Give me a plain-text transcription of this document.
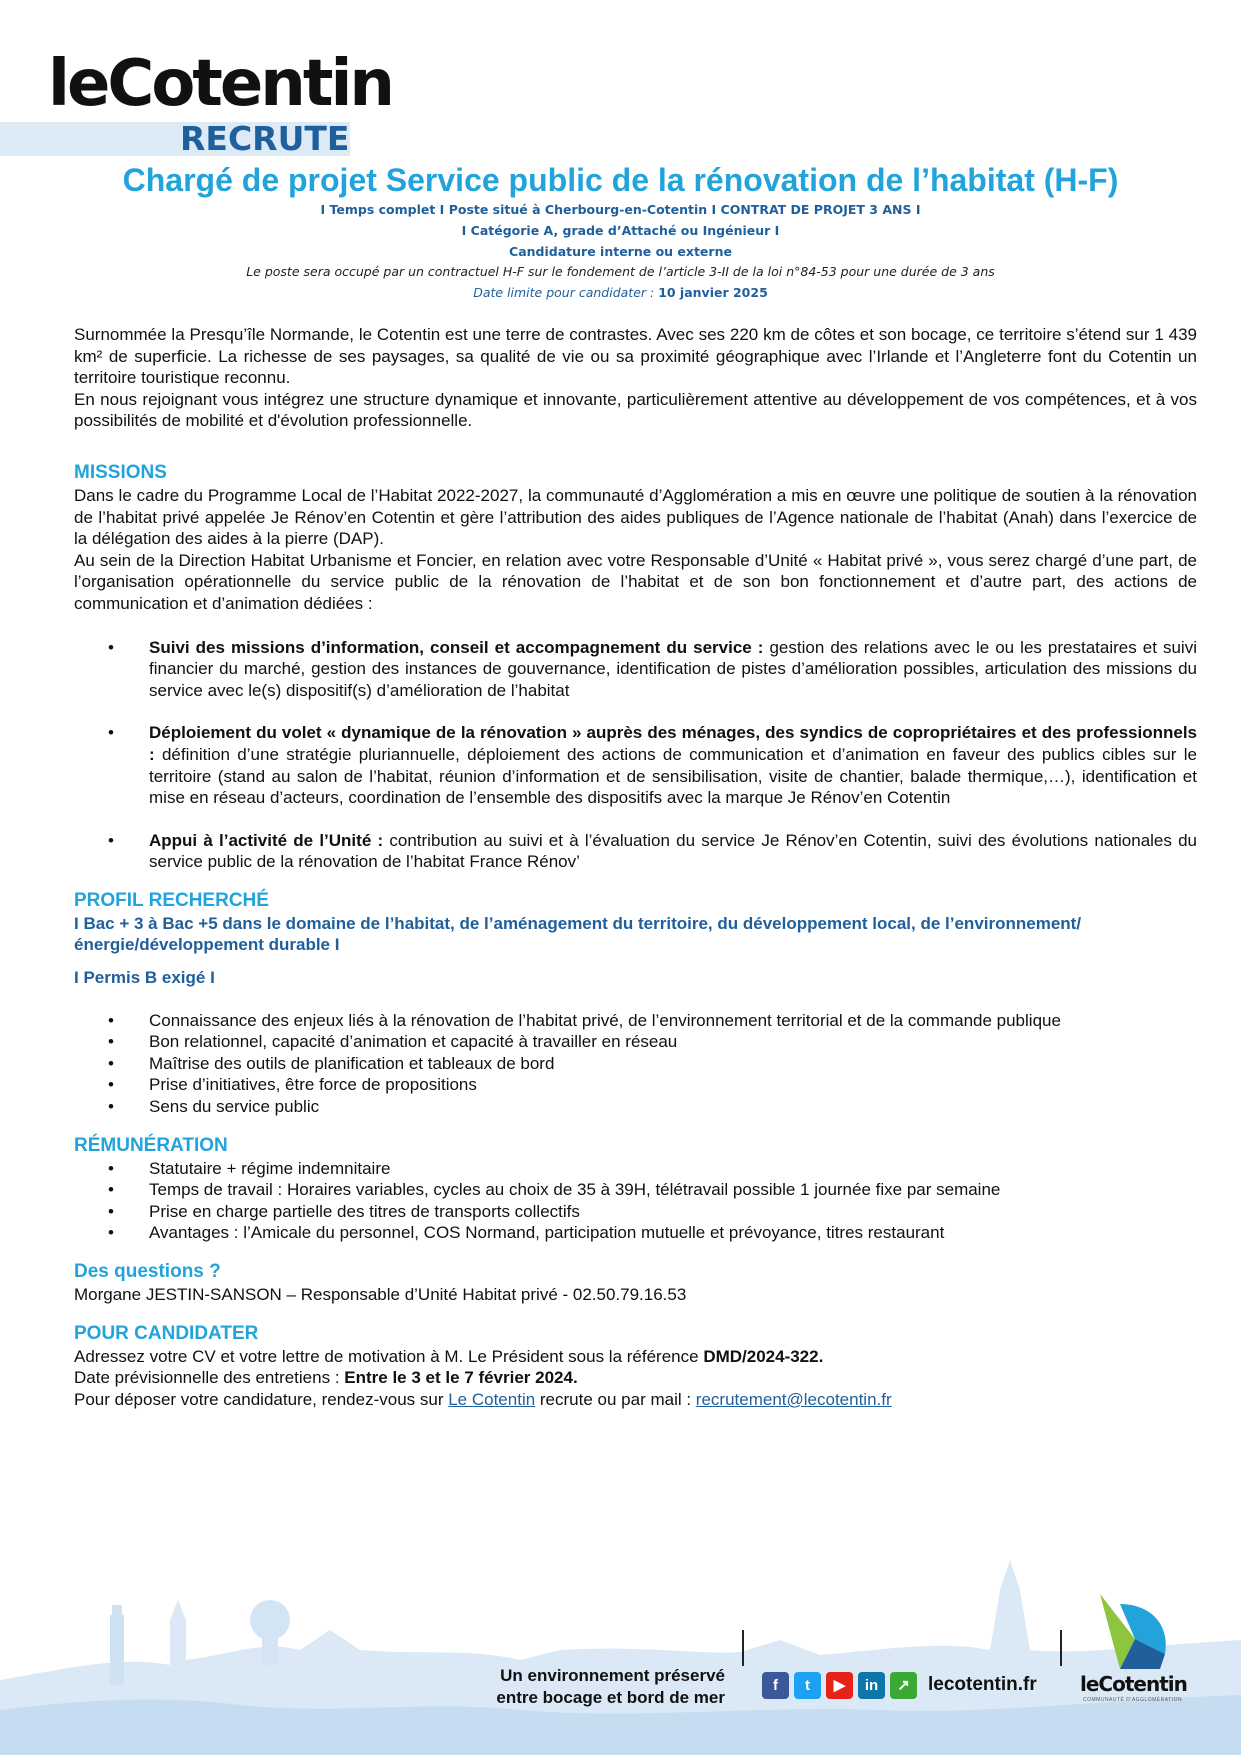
leCotentin
RECRUTE
Chargé de projet Service public de la rénovation de l’habitat (H-F)
I Temps complet I Poste situé à Cherbourg-en-Cotentin I CONTRAT DE PROJET 3 ANS I
I Catégorie A, grade d’Attaché ou Ingénieur I
Candidature interne ou externe
Le poste sera occupé par un contractuel H-F sur le fondement de l’article 3-II de la loi n°84-53 pour une durée de 3 ans
Date limite pour candidater : 10 janvier 2025

Surnommée la Presqu’île Normande, le Cotentin est une terre de contrastes. Avec ses 220 km de côtes et son bocage, ce territoire s’étend sur 1 439 km² de superficie. La richesse de ses paysages, sa qualité de vie ou sa proximité géographique avec l’Irlande et l’Angleterre font du Cotentin un territoire touristique reconnu.

En nous rejoignant vous intégrez une structure dynamique et innovante, particulièrement attentive au développement de vos compétences, et à vos possibilités de mobilité et d'évolution professionnelle.

MISSIONS

Dans le cadre du Programme Local de l’Habitat 2022-2027, la communauté d’Agglomération a mis en œuvre une politique de soutien à la rénovation de l’habitat privé appelée Je Rénov’en Cotentin et gère l’attribution des aides publiques de l’Agence nationale de l’habitat (Anah) dans l’exercice de la délégation des aides à la pierre (DAP).

Au sein de la Direction Habitat Urbanisme et Foncier, en relation avec votre Responsable d’Unité « Habitat privé », vous serez chargé d’une part, de l’organisation opérationnelle du service public de la rénovation de l’habitat et de son bon fonctionnement et d’autre part, des actions de communication et d’animation dédiées :

• Suivi des missions d’information, conseil et accompagnement du service : gestion des relations avec le ou les prestataires et suivi financier du marché, gestion des instances de gouvernance, identification de pistes d’amélioration possibles, articulation des missions du service avec le(s) dispositif(s) d’amélioration de l’habitat
• Déploiement du volet « dynamique de la rénovation » auprès des ménages, des syndics de copropriétaires et des professionnels : définition d’une stratégie pluriannuelle, déploiement des actions de communication et d’animation en faveur des publics cibles sur le territoire (stand au salon de l’habitat, réunion d’information et de sensibilisation, visite de chantier, balade thermique,…), identification et mise en réseau d’acteurs, coordination de l’ensemble des dispositifs avec la marque Je Rénov’en Cotentin
• Appui à l’activité de l’Unité : contribution au suivi et à l’évaluation du service Je Rénov’en Cotentin, suivi des évolutions nationales du service public de la rénovation de l’habitat France Rénov’
PROFIL RECHERCHÉ

I Bac + 3 à Bac +5 dans le domaine de l’habitat, de l’aménagement du territoire, du développement local, de l’environnement/énergie/développement durable I

I Permis B exigé I

• Connaissance des enjeux liés à la rénovation de l’habitat privé, de l’environnement territorial et de la commande publique
• Bon relationnel, capacité d’animation et capacité à travailler en réseau
• Maîtrise des outils de planification et tableaux de bord
• Prise d’initiatives, être force de propositions
• Sens du service public
RÉMUNÉRATION
• Statutaire + régime indemnitaire
• Temps de travail : Horaires variables, cycles au choix de 35 à 39H, télétravail possible 1 journée fixe par semaine
• Prise en charge partielle des titres de transports collectifs
• Avantages : l’Amicale du personnel, COS Normand, participation mutuelle et prévoyance, titres restaurant
Des questions ?

Morgane JESTIN-SANSON – Responsable d’Unité Habitat privé - 02.50.79.16.53

POUR CANDIDATER

Adressez votre CV et votre lettre de motivation à M. Le Président sous la référence DMD/2024-322.

Date prévisionnelle des entretiens : Entre le 3 et le 7 février 2024.

Pour déposer votre candidature, rendez-vous sur Le Cotentin recrute ou par mail : recrutement@lecotentin.fr

Un environnement préservé
entre bocage et bord de mer
f	t	▶	in	↗ lecotentin.fr leCotentin
COMMUNAUTÉ D'AGGLOMÉRATION
